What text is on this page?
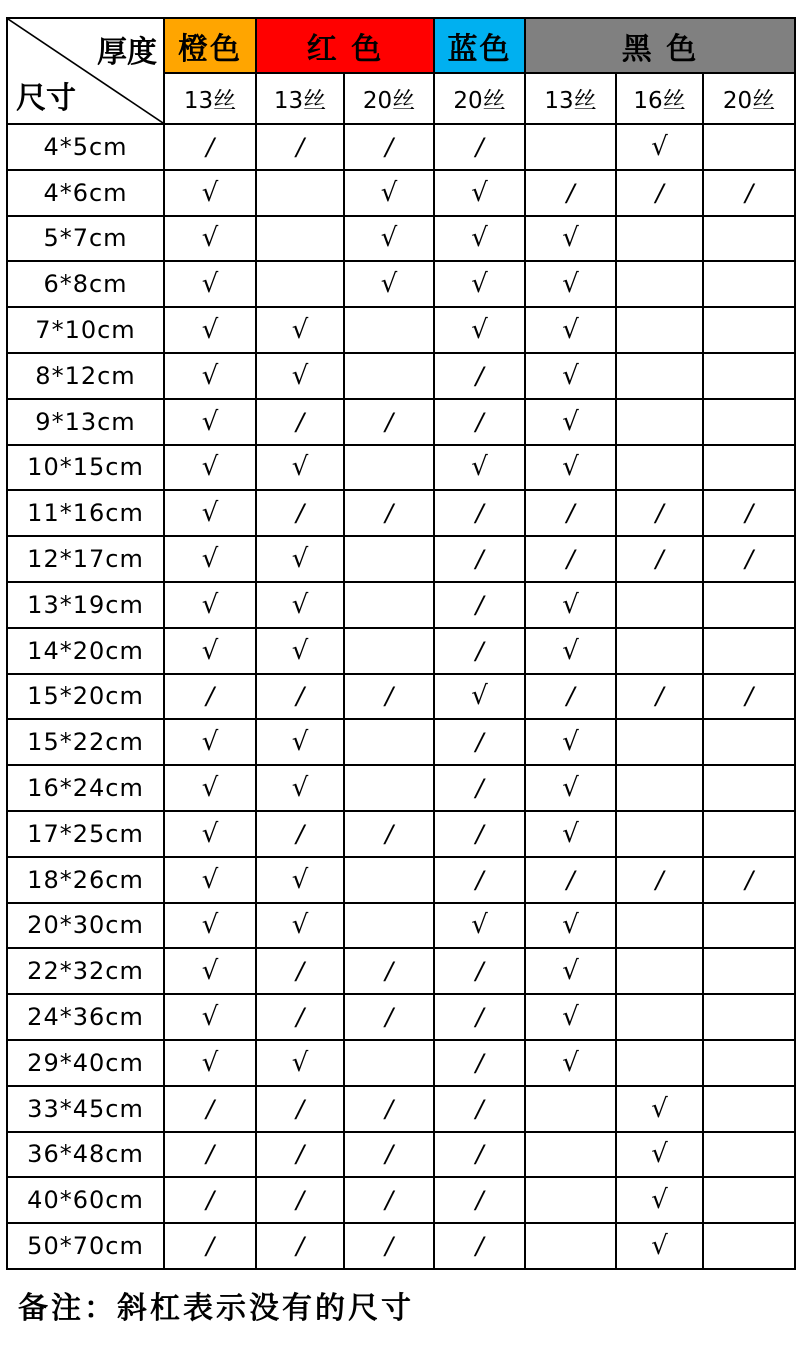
厚度
尺寸	橙色	红 色		蓝色	黑 色		
	13丝	13丝	20丝	20丝	13丝	16丝	20丝
4*5cm	/	/	/	/		√	
4*6cm	√		√	√	/	/	/
5*7cm	√		√	√	√		
6*8cm	√		√	√	√		
7*10cm	√	√		√	√		
8*12cm	√	√		/	√		
9*13cm	√	/	/	/	√		
10*15cm	√	√		√	√		
11*16cm	√	/	/	/	/	/	/
12*17cm	√	√		/	/	/	/
13*19cm	√	√		/	√		
14*20cm	√	√		/	√		
15*20cm	/	/	/	√	/	/	/
15*22cm	√	√		/	√		
16*24cm	√	√		/	√		
17*25cm	√	/	/	/	√		
18*26cm	√	√		/	/	/	/
20*30cm	√	√		√	√		
22*32cm	√	/	/	/	√		
24*36cm	√	/	/	/	√		
29*40cm	√	√		/	√		
33*45cm	/	/	/	/		√	
36*48cm	/	/	/	/		√	
40*60cm	/	/	/	/		√	
50*70cm	/	/	/	/		√	
备注：斜杠表示没有的尺寸
